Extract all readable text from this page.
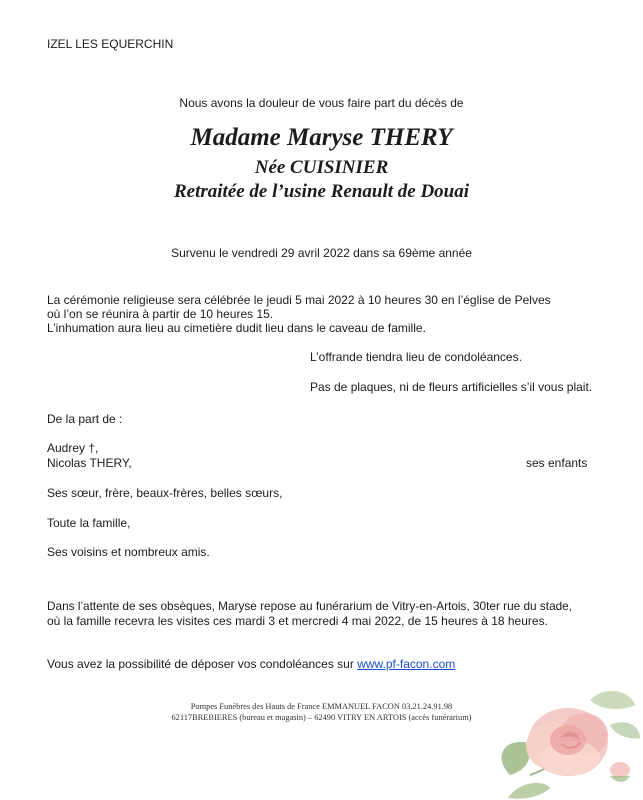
IZEL LES EQUERCHIN
Nous avons la douleur de vous faire part du décès de
Madame Maryse THERY
Née CUISINIER
Retraitée de l’usine Renault de Douai
Survenu le vendredi 29 avril 2022 dans sa 69ème année
La cérémonie religieuse sera célébrée le jeudi 5 mai 2022 à 10 heures 30 en l’église de Pelves
où l’on se réunira à partir de 10 heures 15.
L’inhumation aura lieu au cimetière dudit lieu dans le caveau de famille.
L’offrande tiendra lieu de condoléances.
Pas de plaques, ni de fleurs artificielles s’il vous plait.
De la part de :
Audrey †,
Nicolas THERY,	ses enfants
Ses sœur, frère, beaux-frères, belles sœurs,
Toute la famille,
Ses voisins et nombreux amis.
Dans l’attente de ses obsèques, Maryse repose au funérarium de Vitry-en-Artois, 30ter rue du stade,
où la famille recevra les visites ces mardi 3 et mercredi 4 mai 2022, de 15 heures à 18 heures.
Vous avez la possibilité de déposer vos condoléances sur www.pf-facon.com
Pompes Funèbres des Hauts de France EMMANUEL FACON 03.21.24.91.98
62117BREBIERES (bureau et magasin) – 62490 VITRY EN ARTOIS (accès funérarium)
